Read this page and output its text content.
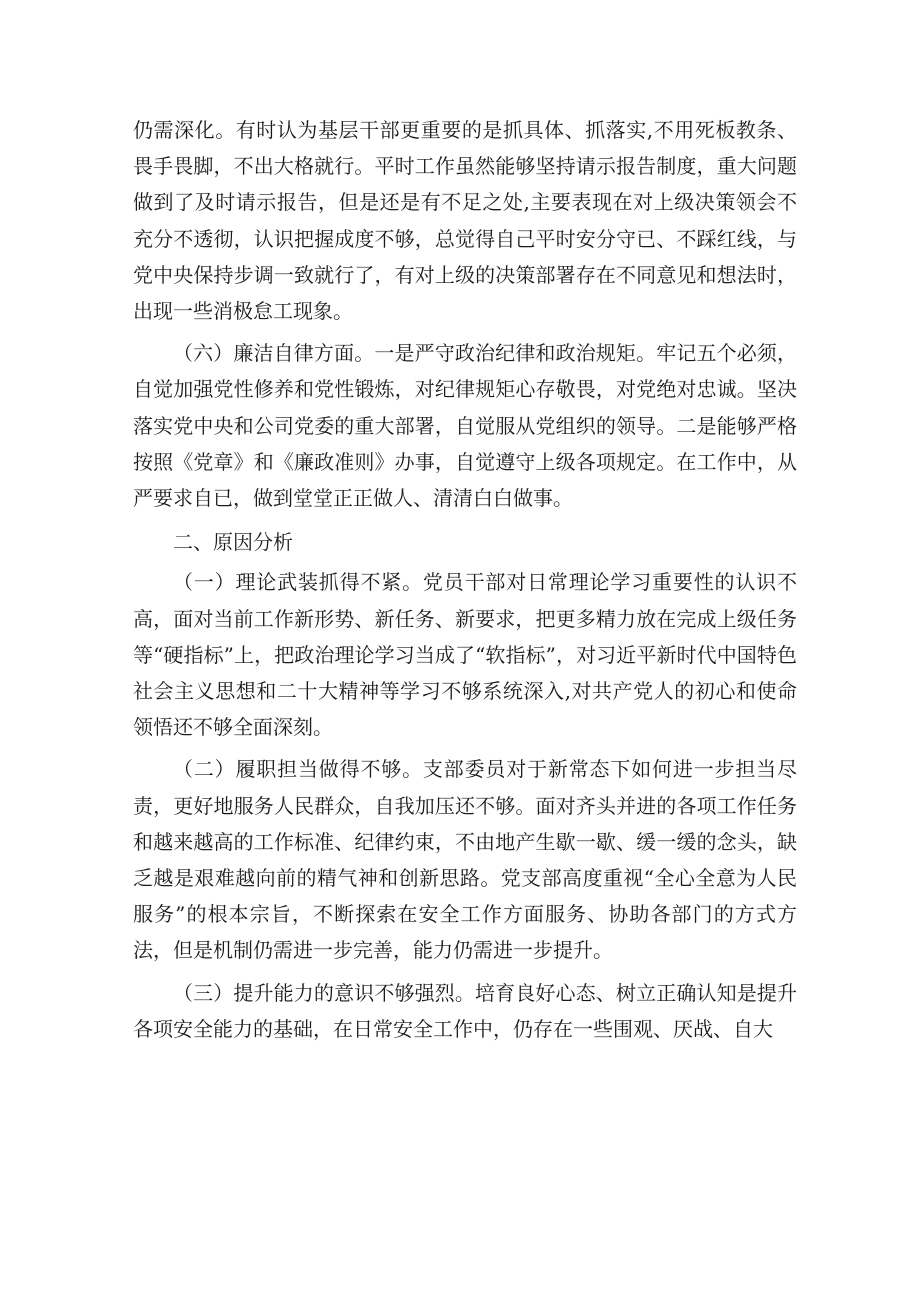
仍需深化。有时认为基层干部更重要的是抓具体、抓落实,不用死板教条、畏手畏脚，不出大格就行。平时工作虽然能够坚持请示报告制度，重大问题做到了及时请示报告，但是还是有不足之处,主要表现在对上级决策领会不充分不透彻，认识把握成度不够，总觉得自己平时安分守已、不踩红线，与党中央保持步调一致就行了，有对上级的决策部署存在不同意见和想法时，出现一些消极怠工现象。

（六）廉洁自律方面。一是严守政治纪律和政治规矩。牢记五个必须，自觉加强党性修养和党性锻炼，对纪律规矩心存敬畏，对党绝对忠诚。坚决落实党中央和公司党委的重大部署，自觉服从党组织的领导。二是能够严格按照《党章》和《廉政准则》办事，自觉遵守上级各项规定。在工作中，从严要求自已，做到堂堂正正做人、清清白白做事。

二、原因分析

（一）理论武装抓得不紧。党员干部对日常理论学习重要性的认识不高，面对当前工作新形势、新任务、新要求，把更多精力放在完成上级任务等“硬指标”上，把政治理论学习当成了“软指标”，对习近平新时代中国特色社会主义思想和二十大精神等学习不够系统深入,对共产党人的初心和使命领悟还不够全面深刻。

（二）履职担当做得不够。支部委员对于新常态下如何进一步担当尽责，更好地服务人民群众，自我加压还不够。面对齐头并进的各项工作任务和越来越高的工作标准、纪律约束，不由地产生歇一歇、缓一缓的念头，缺乏越是艰难越向前的精气神和创新思路。党支部高度重视“全心全意为人民服务”的根本宗旨，不断探索在安全工作方面服务、协助各部门的方式方法，但是机制仍需进一步完善，能力仍需进一步提升。

（三）提升能力的意识不够强烈。培育良好心态、树立正确认知是提升各项安全能力的基础，在日常安全工作中，仍存在一些围观、厌战、自大
